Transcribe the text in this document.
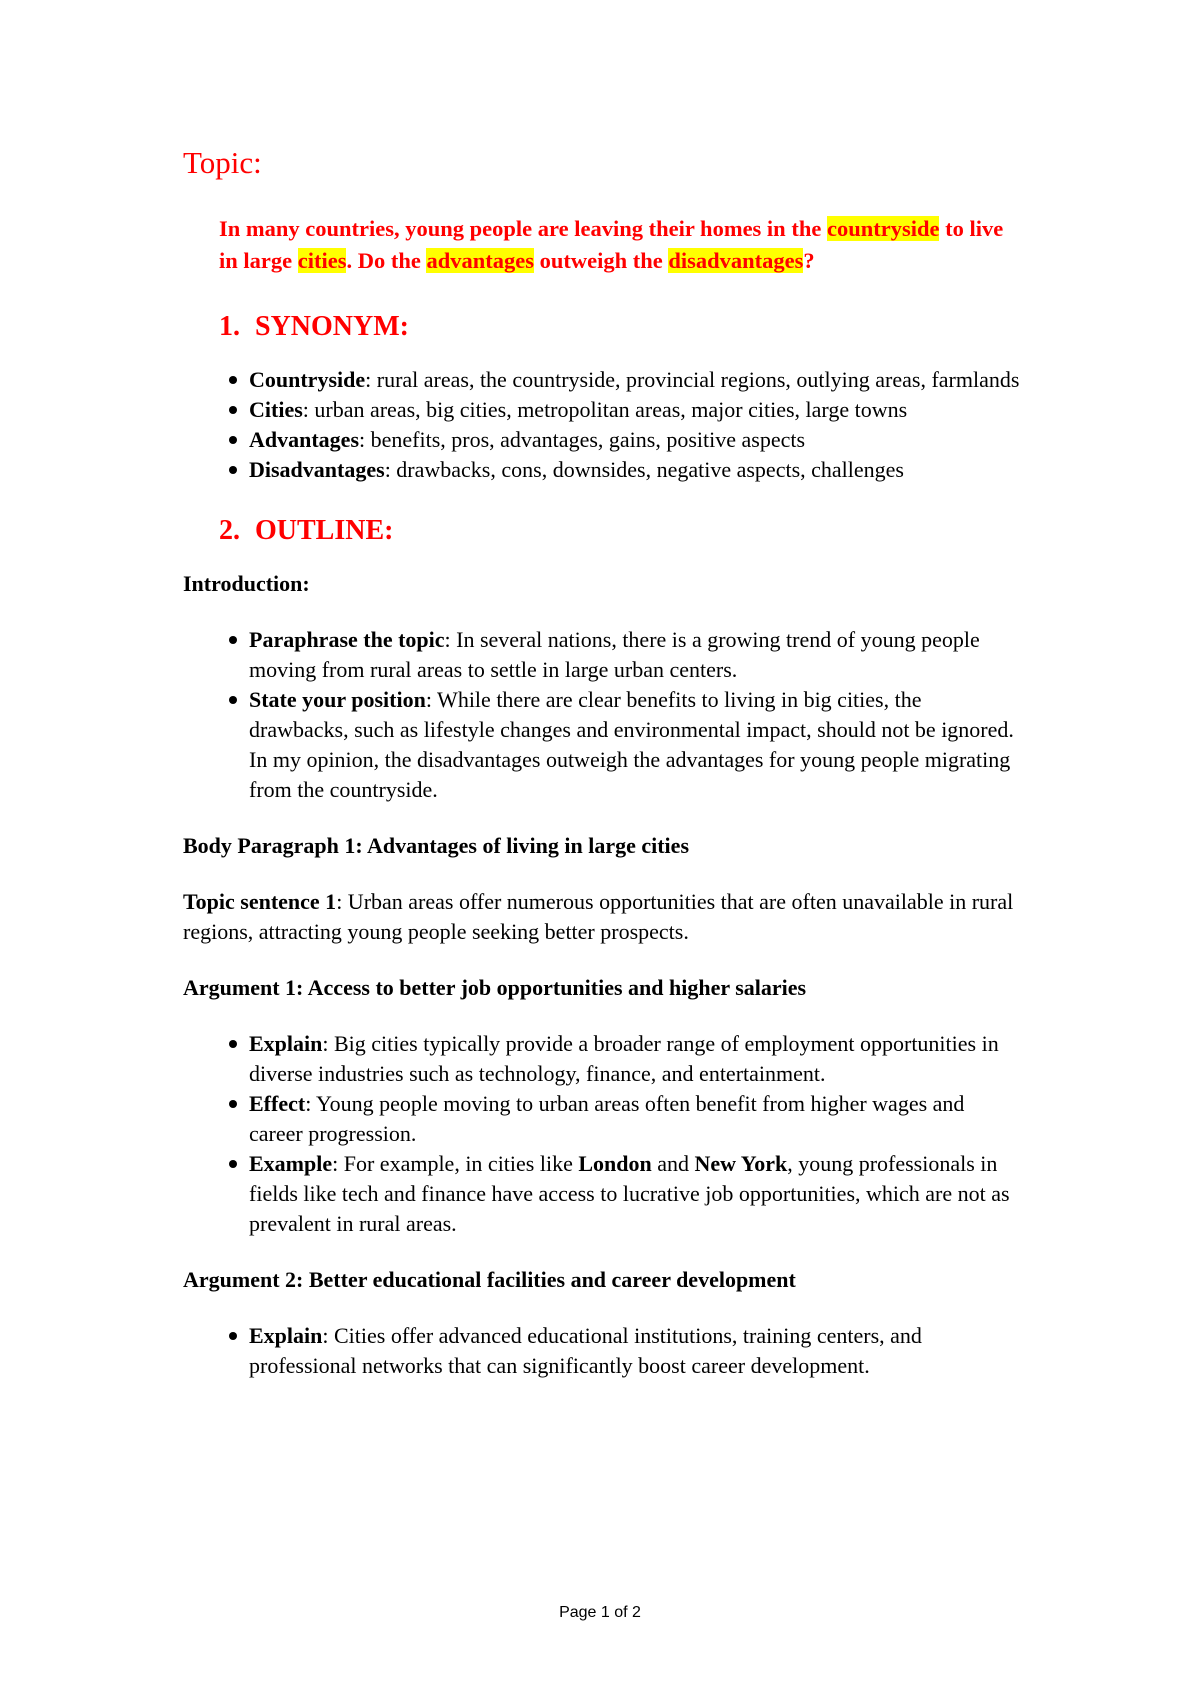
Topic:
In many countries, young people are leaving their homes in the countryside to live in large cities. Do the advantages outweigh the disadvantages?
1. SYNONYM:
Countryside: rural areas, the countryside, provincial regions, outlying areas, farmlands
Cities: urban areas, big cities, metropolitan areas, major cities, large towns
Advantages: benefits, pros, advantages, gains, positive aspects
Disadvantages: drawbacks, cons, downsides, negative aspects, challenges
2. OUTLINE:
Introduction:
Paraphrase the topic: In several nations, there is a growing trend of young people moving from rural areas to settle in large urban centers.
State your position: While there are clear benefits to living in big cities, the drawbacks, such as lifestyle changes and environmental impact, should not be ignored. In my opinion, the disadvantages outweigh the advantages for young people migrating from the countryside.
Body Paragraph 1: Advantages of living in large cities
Topic sentence 1: Urban areas offer numerous opportunities that are often unavailable in rural regions, attracting young people seeking better prospects.
Argument 1: Access to better job opportunities and higher salaries
Explain: Big cities typically provide a broader range of employment opportunities in diverse industries such as technology, finance, and entertainment.
Effect: Young people moving to urban areas often benefit from higher wages and career progression.
Example: For example, in cities like London and New York, young professionals in fields like tech and finance have access to lucrative job opportunities, which are not as prevalent in rural areas.
Argument 2: Better educational facilities and career development
Explain: Cities offer advanced educational institutions, training centers, and professional networks that can significantly boost career development.
Page 1 of 2
